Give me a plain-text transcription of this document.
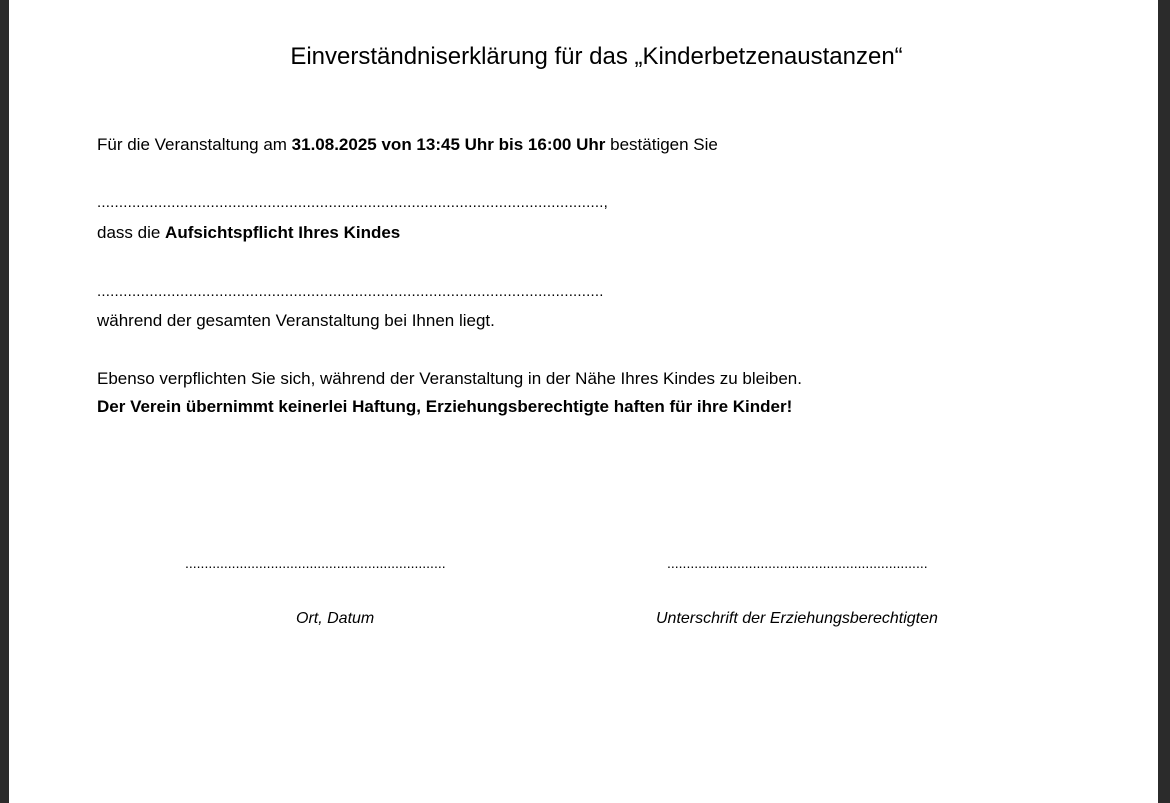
Einverständniserklärung für das „Kinderbetzenaustanzen“
Für die Veranstaltung am 31.08.2025 von 13:45 Uhr bis 16:00 Uhr bestätigen Sie
....................................................................................................................,
dass die Aufsichtspflicht Ihres Kindes
....................................................................................................................
während der gesamten Veranstaltung bei Ihnen liegt.
Ebenso verpflichten Sie sich, während der Veranstaltung in der Nähe Ihres Kindes zu bleiben.
Der Verein übernimmt keinerlei Haftung, Erziehungsberechtigte haften für ihre Kinder!
...................................................................	...................................................................
Ort, Datum	Unterschrift der Erziehungsberechtigten
